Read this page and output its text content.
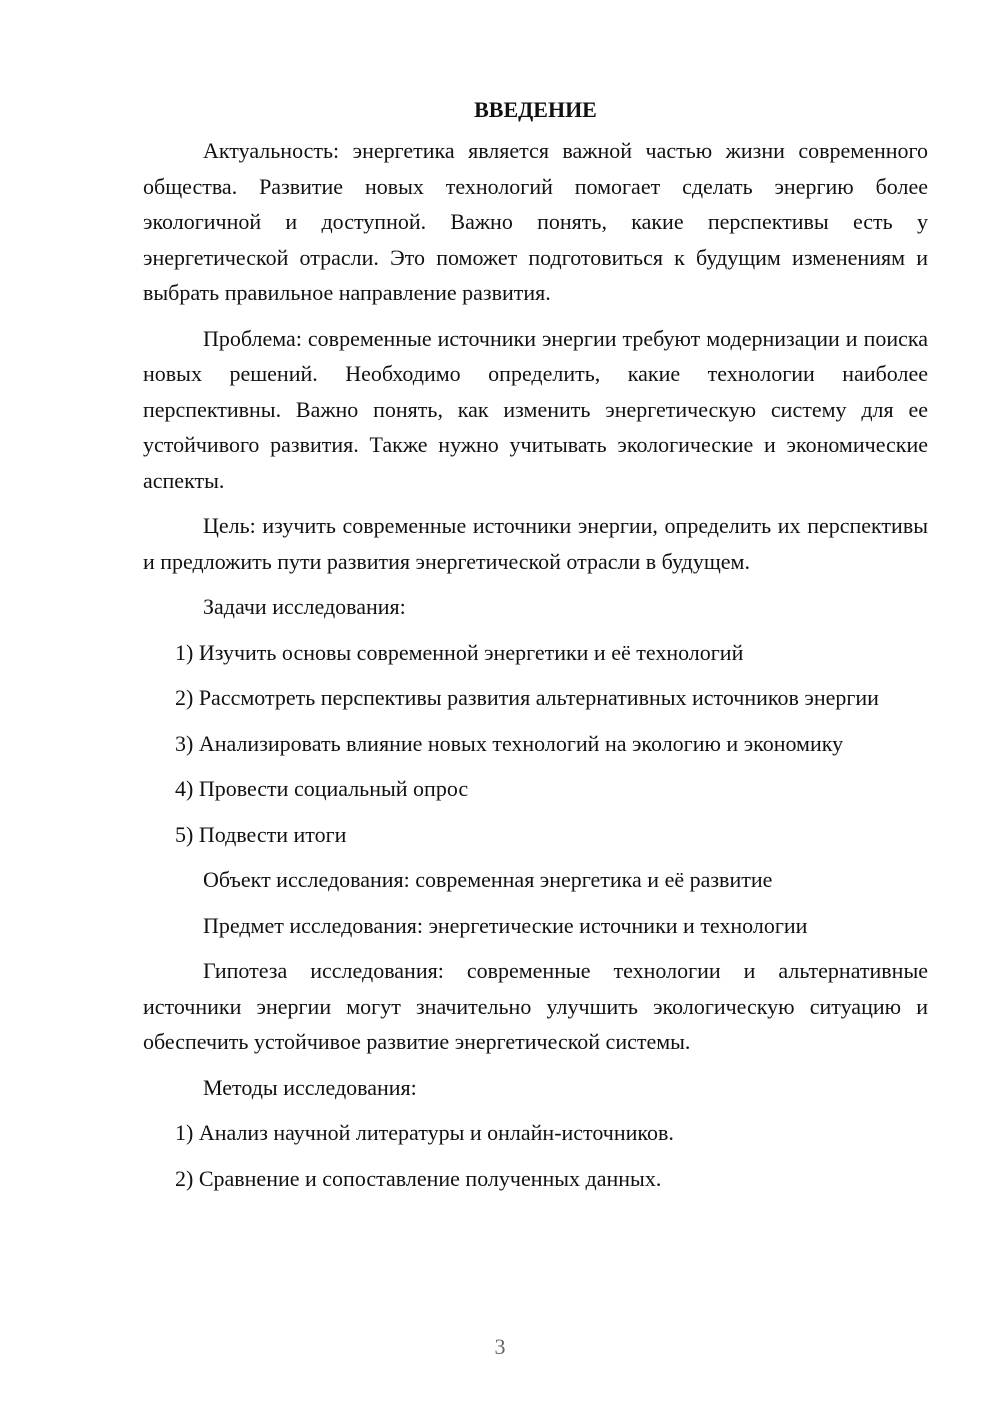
ВВЕДЕНИЕ

Актуальность: энергетика является важной частью жизни современного общества. Развитие новых технологий помогает сделать энергию более экологичной и доступной. Важно понять, какие перспективы есть у энергетической отрасли. Это поможет подготовиться к будущим изменениям и выбрать правильное направление развития.

Проблема: современные источники энергии требуют модернизации и поиска новых решений. Необходимо определить, какие технологии наиболее перспективны. Важно понять, как изменить энергетическую систему для ее устойчивого развития. Также нужно учитывать экологические и экономические аспекты.

Цель: изучить современные источники энергии, определить их перспективы и предложить пути развития энергетической отрасли в будущем.

Задачи исследования:

1) Изучить основы современной энергетики и её технологий

2) Рассмотреть перспективы развития альтернативных источников энергии

3) Анализировать влияние новых технологий на экологию и экономику

4) Провести социальный опрос

5) Подвести итоги

Объект исследования: современная энергетика и её развитие

Предмет исследования: энергетические источники и технологии

Гипотеза исследования: современные технологии и альтернативные источники энергии могут значительно улучшить экологическую ситуацию и обеспечить устойчивое развитие энергетической системы.

Методы исследования:

1) Анализ научной литературы и онлайн-источников.

2) Сравнение и сопоставление полученных данных.

3
